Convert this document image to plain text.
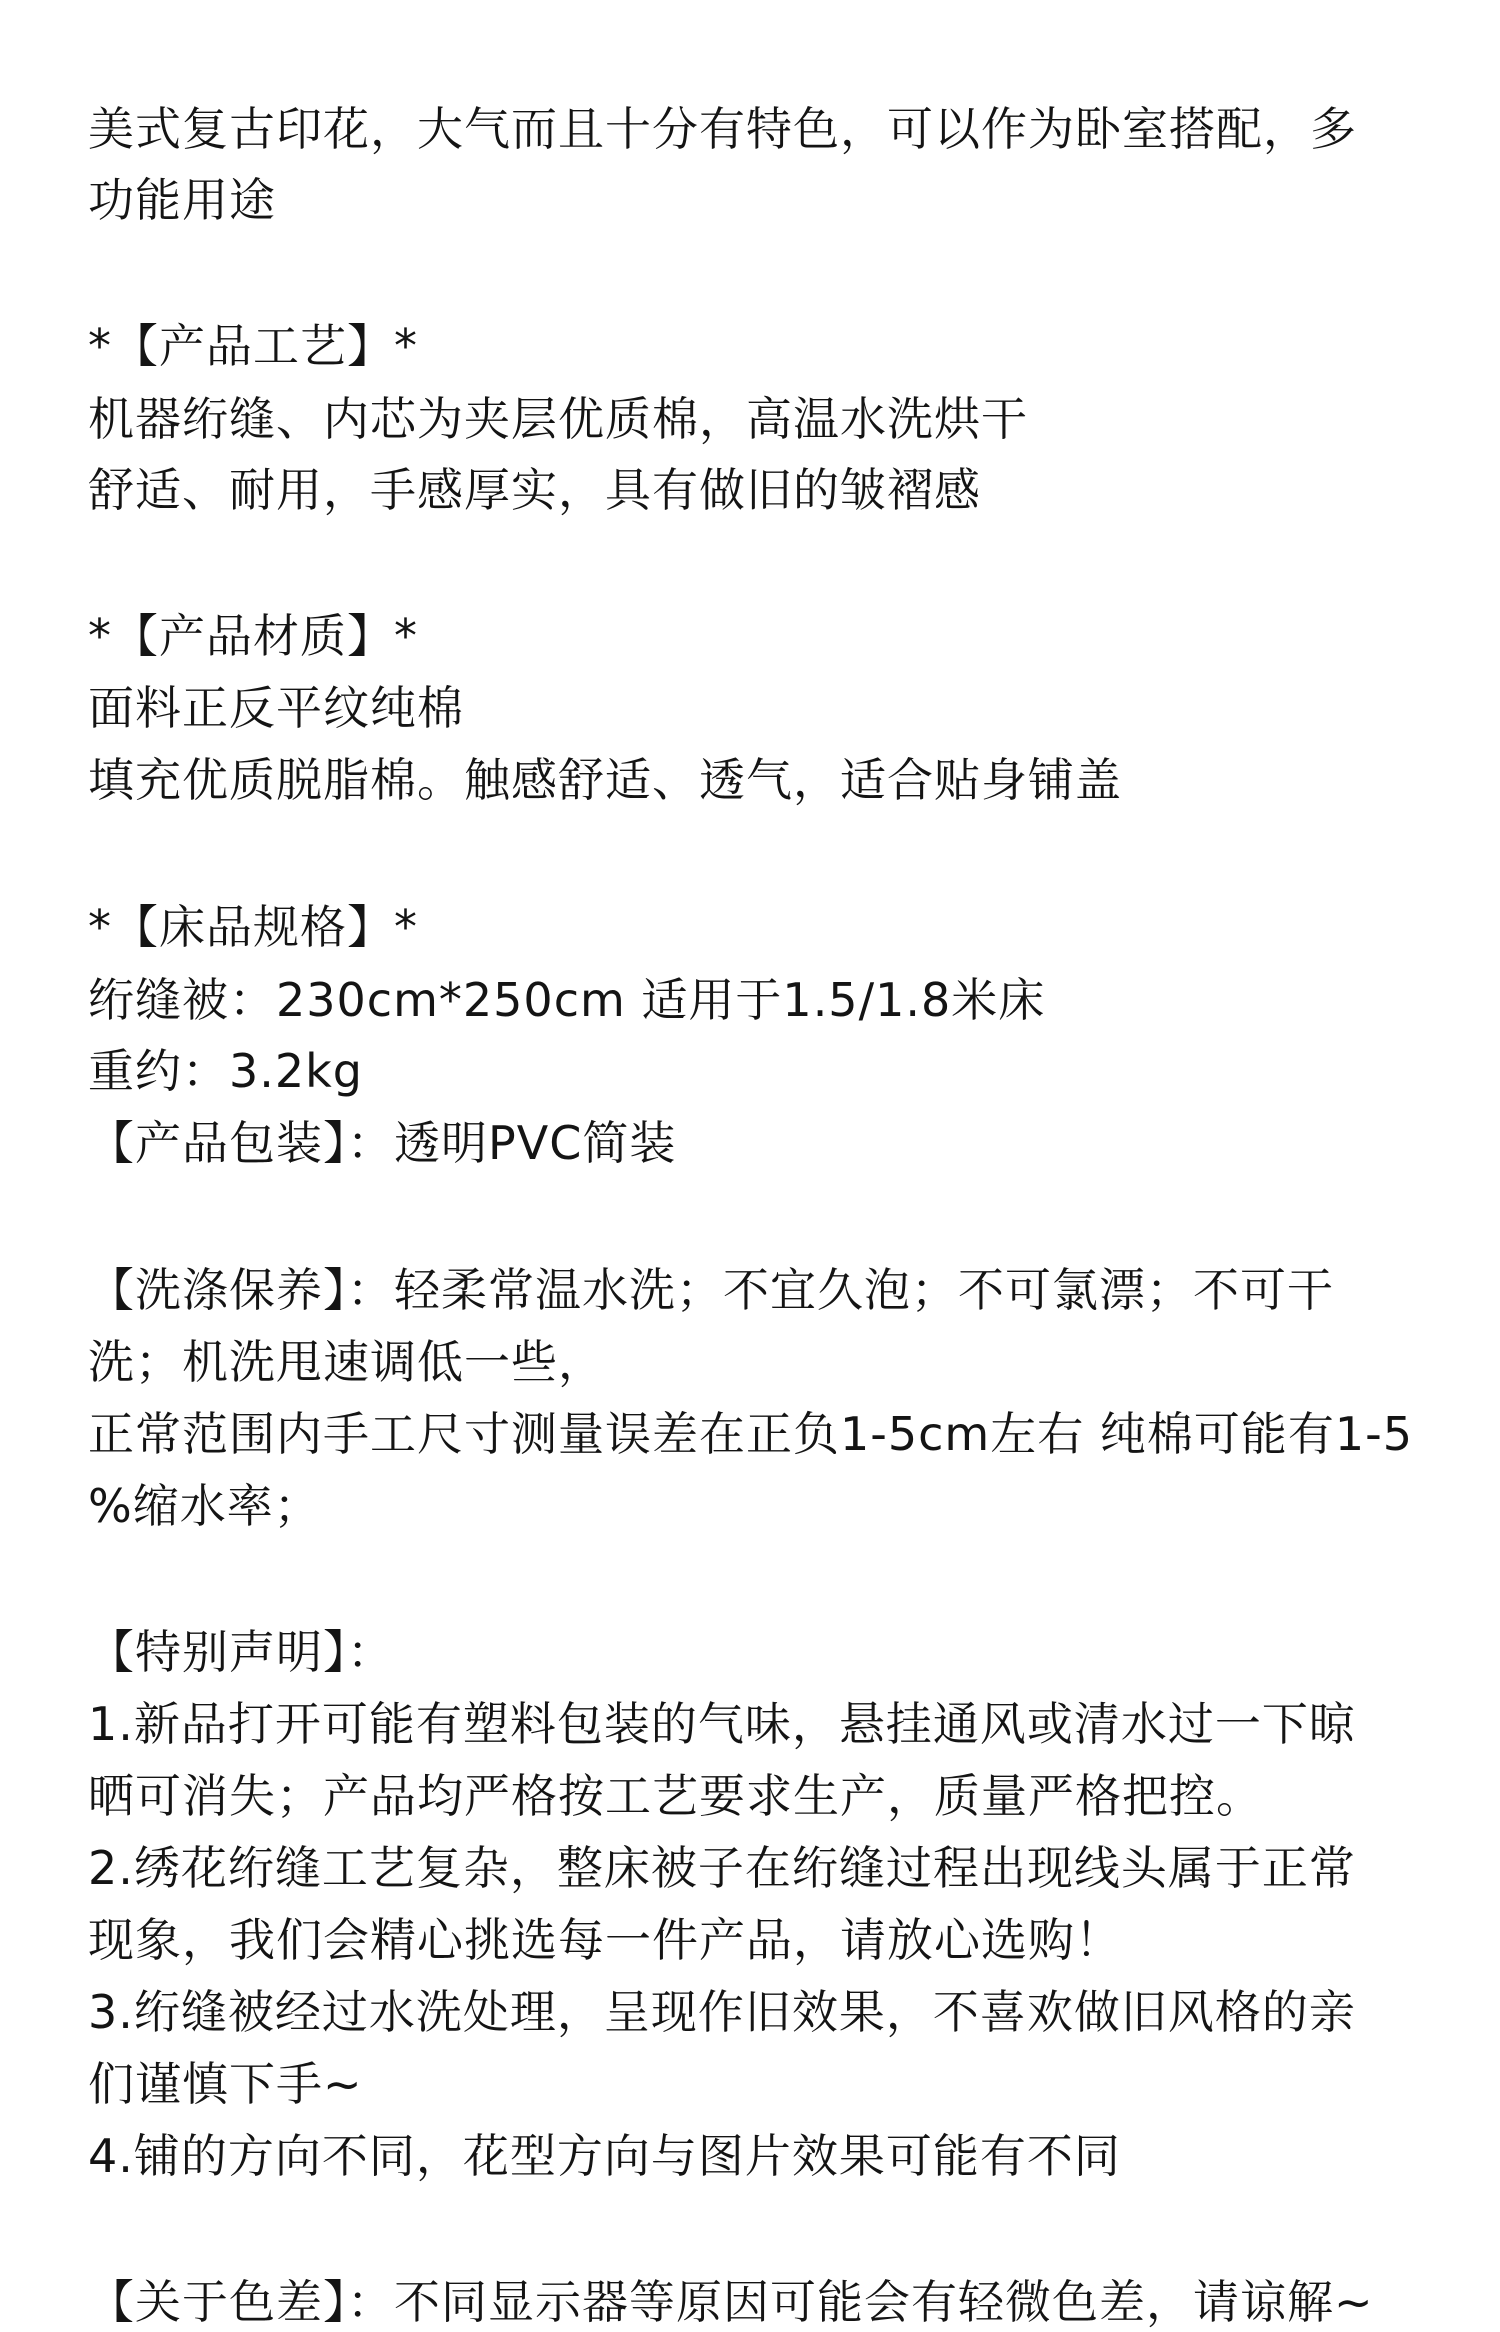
美式复古印花，大气而且十分有特色，可以作为卧室搭配，多
功能用途
*【产品工艺】*
机器绗缝、内芯为夹层优质棉，高温水洗烘干
舒适、耐用，手感厚实，具有做旧的皱褶感
*【产品材质】*
面料正反平纹纯棉
填充优质脱脂棉。触感舒适、透气，适合贴身铺盖
*【床品规格】*
绗缝被：230cm*250cm 适用于1.5/1.8米床
重约：3.2kg
【产品包装】：透明PVC简装
【洗涤保养】：轻柔常温水洗；不宜久泡；不可氯漂；不可干
洗；机洗甩速调低一些，
正常范围内手工尺寸测量误差在正负1-5cm左右 纯棉可能有1-5
%缩水率；
【特别声明】：
1.新品打开可能有塑料包装的气味，悬挂通风或清水过一下晾
晒可消失；产品均严格按工艺要求生产，质量严格把控。
2.绣花绗缝工艺复杂，整床被子在绗缝过程出现线头属于正常
现象，我们会精心挑选每一件产品，请放心选购！
3.绗缝被经过水洗处理，呈现作旧效果，不喜欢做旧风格的亲
们谨慎下手~
4.铺的方向不同，花型方向与图片效果可能有不同
【关于色差】：不同显示器等原因可能会有轻微色差，请谅解~
